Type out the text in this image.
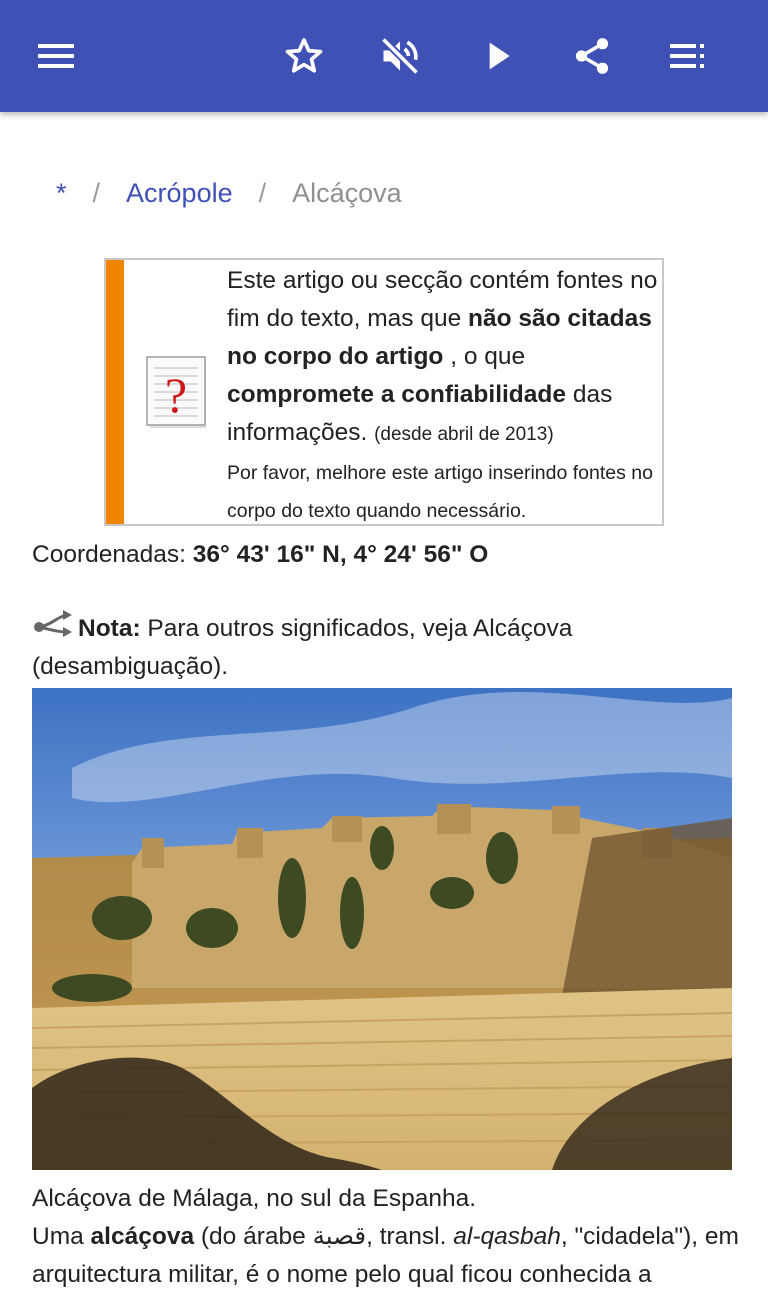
* / Acrópole / Alcáçova
?
Este artigo ou secção contém fontes no fim do texto, mas que não são citadas no corpo do artigo , o que compromete a confiabilidade das informações. (desde abril de 2013)
Por favor, melhore este artigo inserindo fontes no corpo do texto quando necessário.
Coordenadas: 36° 43' 16" N, 4° 24' 56" O
Nota: Para outros significados, veja Alcáçova (desambiguação).
Alcáçova de Málaga, no sul da Espanha.
Uma alcáçova (do árabe قصبة, transl. al-qasbah, "cidadela"), em arquitectura militar, é o nome pelo qual ficou conhecida a
